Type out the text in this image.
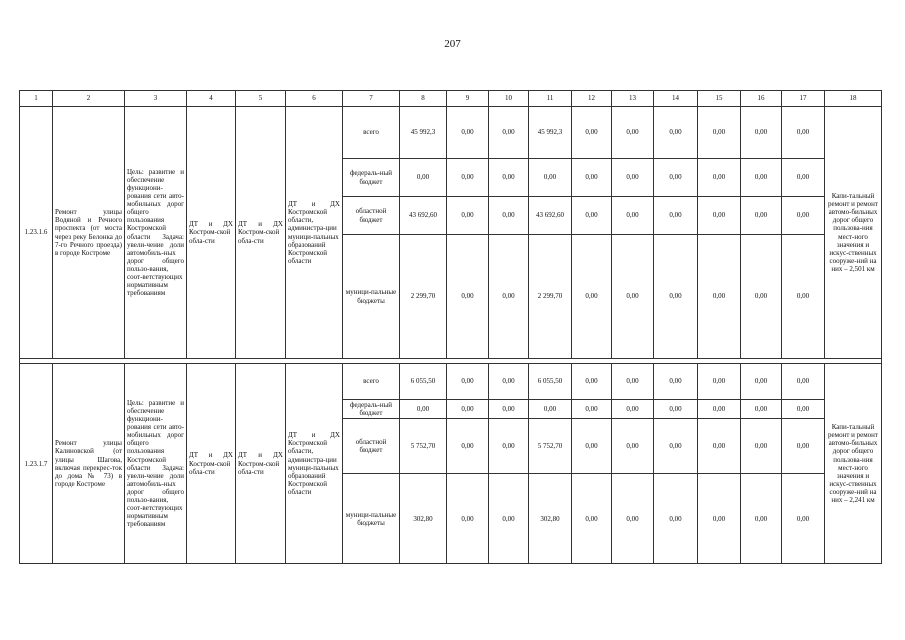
207
1	2	3	4	5	6	7	8	9	10	11	12	13	14	15	16	17	18
1.23.1.6	Ремонт улицы Водяной и Речного проспекта (от моста через реку Белонка до 7-го Речного проезда) в городе Костроме	Цель: развитие и обеспечение функциони-рования сети авто-мобильных дорог общего пользования Костромской области Задача: увели-чение доли автомобиль-ных дорог общего пользо-вания, соот-ветствующих нормативным требованиям	ДТ и ДХ Костром-ской обла-сти	ДТ и ДХ Костром-ской обла-сти	ДТ и ДХ Костромской области, администра-ции муници-пальных образований Костромской области	всего	45 992,3	0,00	0,00	45 992,3	0,00	0,00	0,00	0,00	0,00	0,00	Капи-тальный ремонт и ремонт автомо-бильных дорог общего пользова-ния мест-ного значения и искус-ственных сооруже-ний на них – 2,501 км
						федераль-ный бюджет	0,00	0,00	0,00	0,00	0,00	0,00	0,00	0,00	0,00	0,00	
						областной бюджет	43 692,60	0,00	0,00	43 692,60	0,00	0,00	0,00	0,00	0,00	0,00	
						муници-пальные бюджеты	2 299,70	0,00	0,00	2 299,70	0,00	0,00	0,00	0,00	0,00	0,00	

1.23.1.7	Ремонт улицы Калиновской (от улицы Шагова, включая перекрес-ток до дома № 73) в городе Костроме	Цель: развитие и обеспечение функциони-рования сети авто-мобильных дорог общего пользования Костромской области Задача: увели-чение доли автомобиль-ных дорог общего пользо-вания, соот-ветствующих нормативным требованиям	ДТ и ДХ Костром-ской обла-сти	ДТ и ДХ Костром-ской обла-сти	ДТ и ДХ Костромской области, админиcтра-ции муници-пальных образований Костромской области	всего	6 055,50	0,00	0,00	6 055,50	0,00	0,00	0,00	0,00	0,00	0,00	Капи-тальный ремонт и ремонт автомо-бильных дорог общего пользова-ния мест-ного значения и искус-ственных сооруже-ний на них – 2,241 км
						федераль-ный бюджет	0,00	0,00	0,00	0,00	0,00	0,00	0,00	0,00	0,00	0,00	
						областной бюджет	5 752,70	0,00	0,00	5 752,70	0,00	0,00	0,00	0,00	0,00	0,00	
						муници-пальные бюджеты	302,80	0,00	0,00	302,80	0,00	0,00	0,00	0,00	0,00	0,00	
